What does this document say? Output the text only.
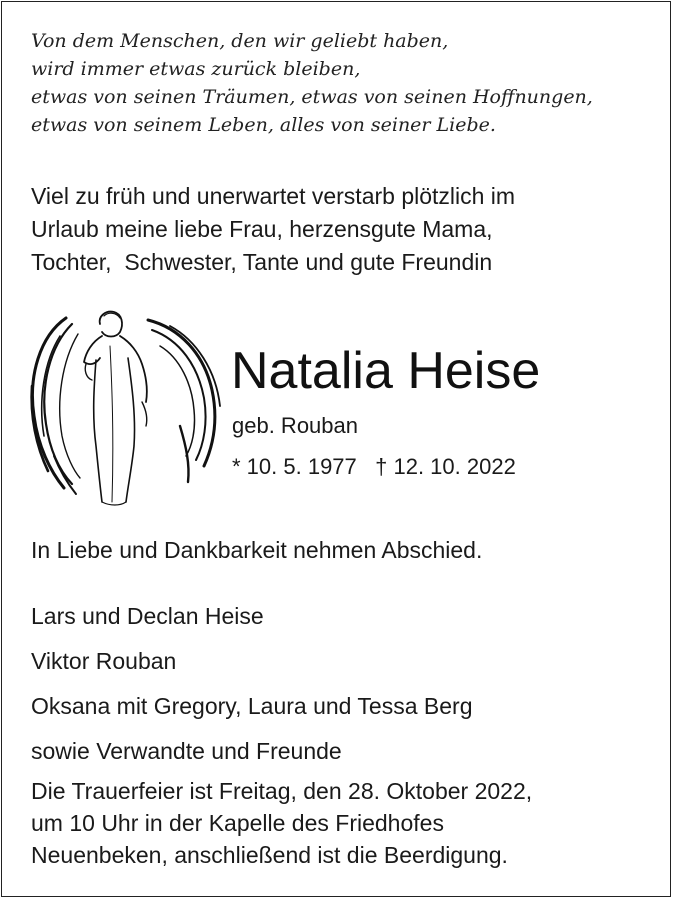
Von dem Menschen, den wir geliebt haben,
wird immer etwas zurück bleiben,
etwas von seinen Träumen, etwas von seinen Hoffnungen,
etwas von seinem Leben, alles von seiner Liebe.
Viel zu früh und unerwartet verstarb plötzlich im
Urlaub meine liebe Frau, herzensgute Mama,
Tochter,  Schwester, Tante und gute Freundin
Natalia Heise
geb. Rouban
* 10. 5. 1977 † 12. 10. 2022
In Liebe und Dankbarkeit nehmen Abschied.
Lars und Declan Heise
Viktor Rouban
Oksana mit Gregory, Laura und Tessa Berg
sowie Verwandte und Freunde
Die Trauerfeier ist Freitag, den 28. Oktober 2022,
um 10 Uhr in der Kapelle des Friedhofes
Neuenbeken, anschließend ist die Beerdigung.
